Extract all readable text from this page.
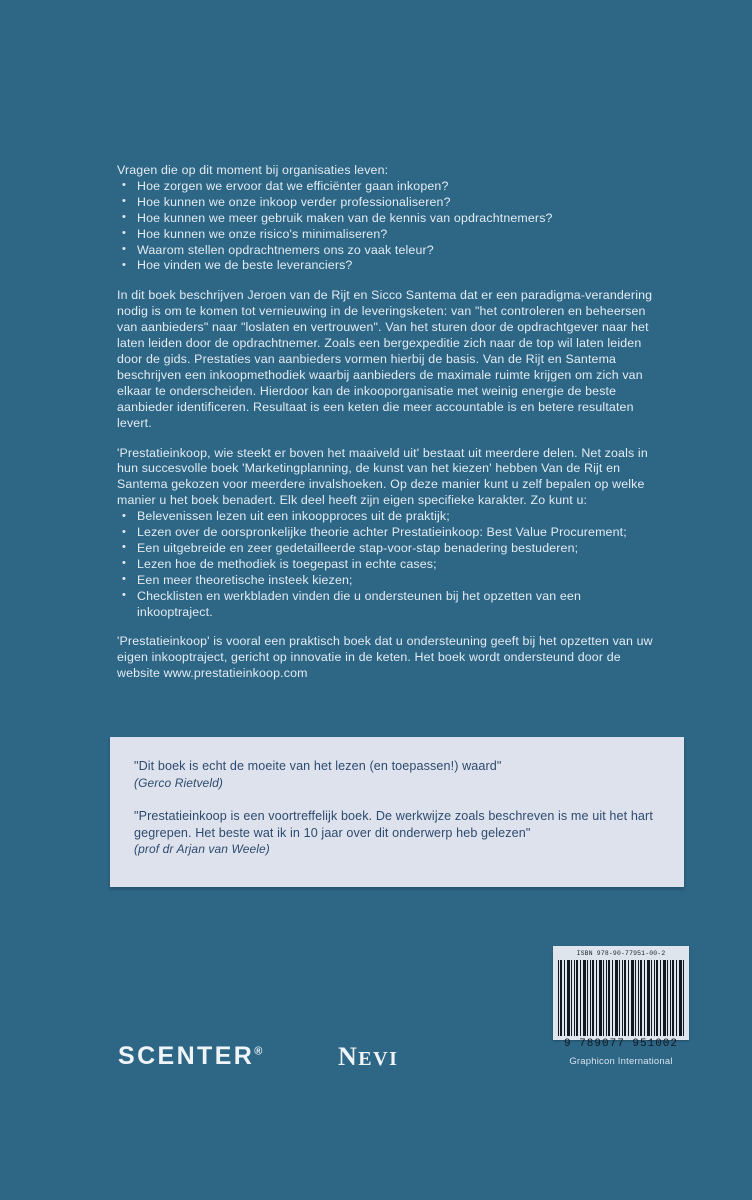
Vragen die op dit moment bij organisaties leven:

• Hoe zorgen we ervoor dat we efficiënter gaan inkopen?
• Hoe kunnen we onze inkoop verder professionaliseren?
• Hoe kunnen we meer gebruik maken van de kennis van opdrachtnemers?
• Hoe kunnen we onze risico's minimaliseren?
• Waarom stellen opdrachtnemers ons zo vaak teleur?
• Hoe vinden we de beste leveranciers?

In dit boek beschrijven Jeroen van de Rijt en Sicco Santema dat er een paradigma-verandering nodig is om te komen tot vernieuwing in de leveringsketen: van "het controleren en beheersen van aanbieders" naar "loslaten en vertrouwen". Van het sturen door de opdrachtgever naar het laten leiden door de opdrachtnemer. Zoals een bergexpeditie zich naar de top wil laten leiden door de gids. Prestaties van aanbieders vormen hierbij de basis. Van de Rijt en Santema beschrijven een inkoopmethodiek waarbij aanbieders de maximale ruimte krijgen om zich van elkaar te onderscheiden. Hierdoor kan de inkooporganisatie met weinig energie de beste aanbieder identificeren. Resultaat is een keten die meer accountable is en betere resultaten levert.

'Prestatieinkoop, wie steekt er boven het maaiveld uit' bestaat uit meerdere delen. Net zoals in hun succesvolle boek 'Marketingplanning, de kunst van het kiezen' hebben Van de Rijt en Santema gekozen voor meerdere invalshoeken. Op deze manier kunt u zelf bepalen op welke manier u het boek benadert. Elk deel heeft zijn eigen specifieke karakter. Zo kunt u:

• Belevenissen lezen uit een inkoopproces uit de praktijk;
• Lezen over de oorspronkelijke theorie achter Prestatieinkoop: Best Value Procurement;
• Een uitgebreide en zeer gedetailleerde stap-voor-stap benadering bestuderen;
• Lezen hoe de methodiek is toegepast in echte cases;
• Een meer theoretische insteek kiezen;
• Checklisten en werkbladen vinden die u ondersteunen bij het opzetten van een inkooptraject.

'Prestatieinkoop' is vooral een praktisch boek dat u ondersteuning geeft bij het opzetten van uw eigen inkooptraject, gericht op innovatie in de keten. Het boek wordt ondersteund door de website www.prestatieinkoop.com

"Dit boek is echt de moeite van het lezen (en toepassen!) waard"

(Gerco Rietveld)

"Prestatieinkoop is een voortreffelijk boek. De werkwijze zoals beschreven is me uit het hart gegrepen. Het beste wat ik in 10 jaar over dit onderwerp heb gelezen"

(prof dr Arjan van Weele)

SCENTER®	NEVI
ISBN 978-90-77951-00-2
9 789077 951002
Graphicon International
